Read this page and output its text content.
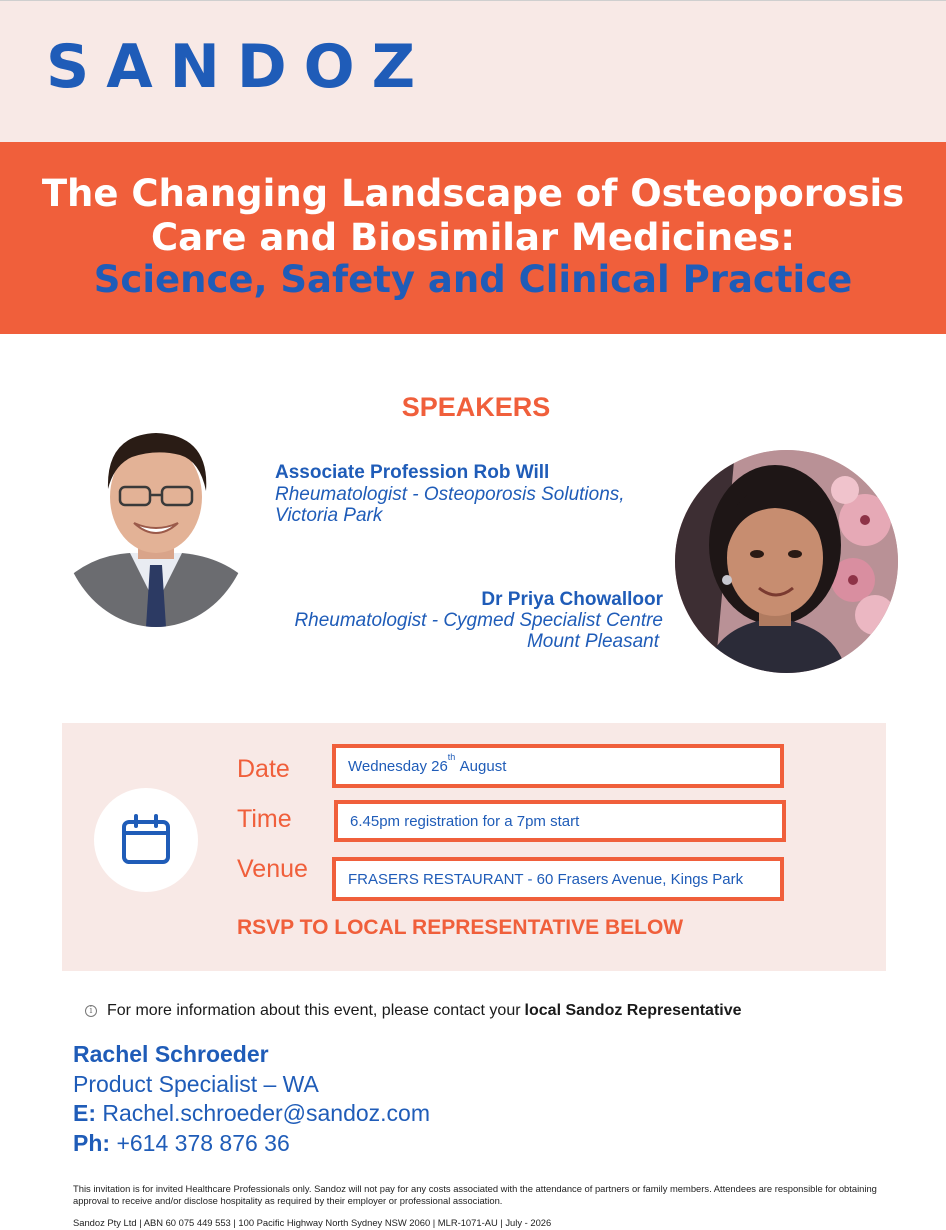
SANDOZ
The Changing Landscape of Osteoporosis
Care and Biosimilar Medicines:
Science, Safety and Clinical Practice
SPEAKERS
Associate Profession Rob Will
Rheumatologist - Osteoporosis Solutions,
Victoria Park
Dr Priya Chowalloor
Rheumatologist - Cygmed Specialist Centre
Mount Pleasant
Date	Wednesday 26th August
Time	6.45pm registration for a 7pm start
Venue	FRASERS RESTAURANT - 60 Frasers Avenue, Kings Park
RSVP TO LOCAL REPRESENTATIVE BELOW
i For more information about this event, please contact your local Sandoz Representative
Rachel Schroeder
Product Specialist – WA
E: Rachel.schroeder@sandoz.com
Ph: +614 378 876 36
This invitation is for invited Healthcare Professionals only. Sandoz will not pay for any costs associated with the attendance of partners or family members. Attendees are responsible for obtaining approval to receive and/or disclose hospitality as required by their employer or professional association.
Sandoz Pty Ltd | ABN 60 075 449 553 | 100 Pacific Highway North Sydney NSW 2060 | MLR-1071-AU | July - 2026
